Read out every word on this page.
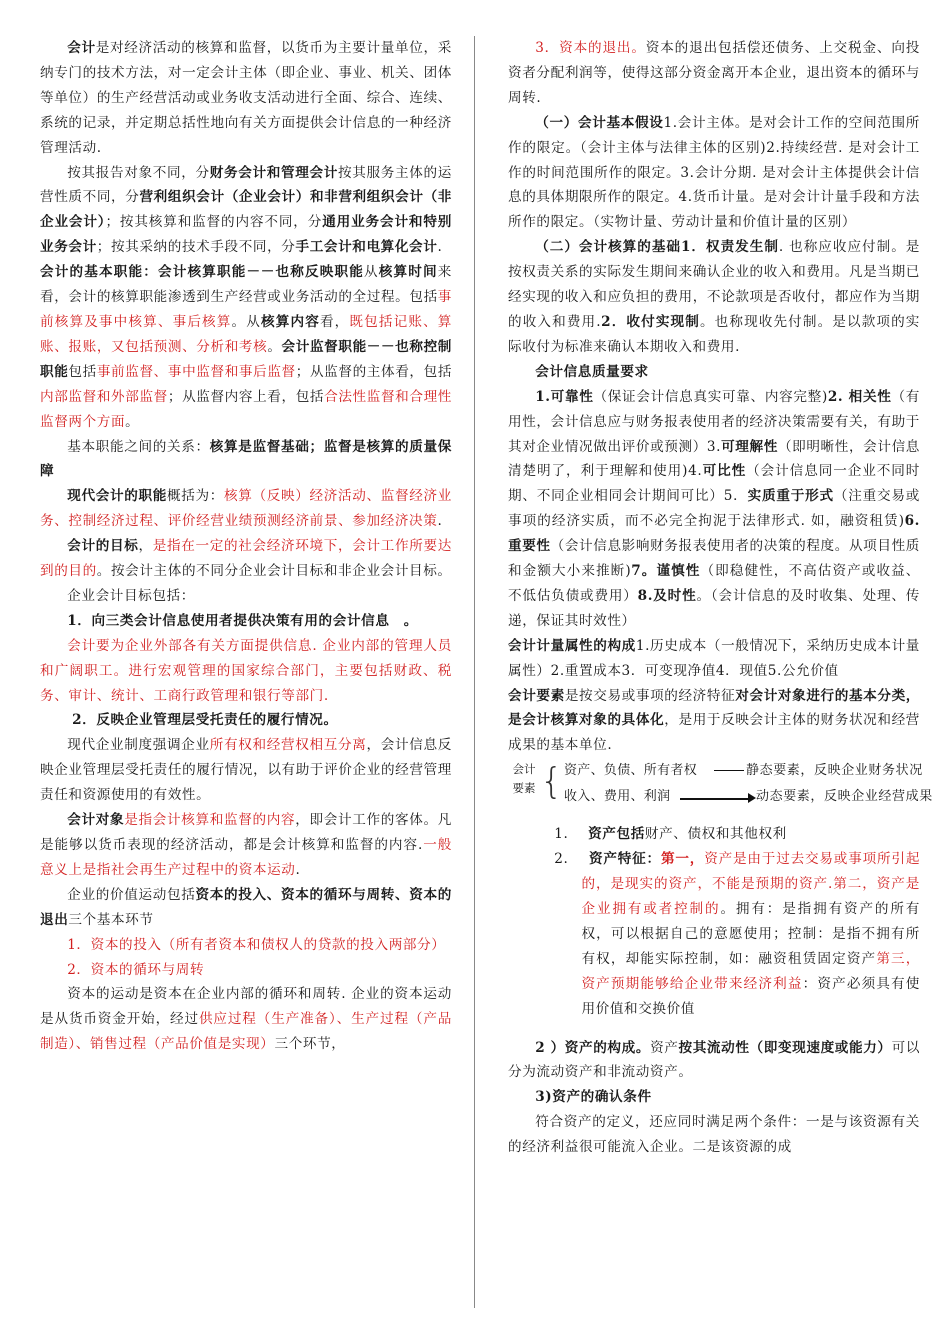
会计是对经济活动的核算和监督，以货币为主要计量单位，采纳专门的技术方法，对一定会计主体（即企业、事业、机关、团体等单位）的生产经营活动或业务收支活动进行全面、综合、连续、系统的记录，并定期总括性地向有关方面提供会计信息的一种经济管理活动.

按其报告对象不同，分财务会计和管理会计按其服务主体的运营性质不同，分营利组织会计（企业会计）和非营利组织会计（非企业会计）；按其核算和监督的内容不同，分通用业务会计和特别业务会计；按其采纳的技术手段不同，分手工会计和电算化会计.

会计的基本职能：会计核算职能－－也称反映职能从核算时间来看，会计的核算职能渗透到生产经营或业务活动的全过程。包括事前核算及事中核算、事后核算。从核算内容看，既包括记账、算账、报账，又包括预测、分析和考核。会计监督职能－－也称控制职能包括事前监督、事中监督和事后监督；从监督的主体看，包括内部监督和外部监督；从监督内容上看，包括合法性监督和合理性监督两个方面。

基本职能之间的关系：核算是监督基础；监督是核算的质量保障

现代会计的职能概括为：核算（反映）经济活动、监督经济业务、控制经济过程、评价经营业绩预测经济前景、参加经济决策.

会计的目标，是指在一定的社会经济环境下，会计工作所要达到的目的。按会计主体的不同分企业会计目标和非企业会计目标。

企业会计目标包括：

1．向三类会计信息使用者提供决策有用的会计信息　。

会计要为企业外部各有关方面提供信息. 企业内部的管理人员和广阔职工。进行宏观管理的国家综合部门，主要包括财政、税务、审计、统计、工商行政管理和银行等部门.

2．反映企业管理层受托责任的履行情况。

现代企业制度强调企业所有权和经营权相互分离，会计信息反映企业管理层受托责任的履行情况，以有助于评价企业的经营管理责任和资源使用的有效性。

会计对象是指会计核算和监督的内容，即会计工作的客体。凡是能够以货币表现的经济活动，都是会计核算和监督的内容.一般意义上是指社会再生产过程中的资本运动.

企业的价值运动包括资本的投入、资本的循环与周转、资本的退出三个基本环节

1．资本的投入（所有者资本和债权人的贷款的投入两部分）

2．资本的循环与周转

资本的运动是资本在企业内部的循环和周转. 企业的资本运动是从货币资金开始，经过供应过程（生产准备）、生产过程（产品制造）、销售过程（产品价值是实现）三个环节，

3．资本的退出。资本的退出包括偿还债务、上交税金、向投资者分配利润等，使得这部分资金离开本企业，退出资本的循环与周转.

（一）会计基本假设1.会计主体。是对会计工作的空间范围所作的限定。（会计主体与法律主体的区别)2.持续经营. 是对会计工作的时间范围所作的限定。3.会计分期. 是对会计主体提供会计信息的具体期限所作的限定。4.货币计量。是对会计计量手段和方法所作的限定。（实物计量、劳动计量和价值计量的区别）

（二）会计核算的基础1．权责发生制. 也称应收应付制。是按权责关系的实际发生期间来确认企业的收入和费用。凡是当期已经实现的收入和应负担的费用，不论款项是否收付，都应作为当期的收入和费用.2．收付实现制。也称现收先付制。是以款项的实际收付为标准来确认本期收入和费用.

会计信息质量要求

1.可靠性（保证会计信息真实可靠、内容完整)2. 相关性（有用性，会计信息应与财务报表使用者的经济决策需要有关，有助于其对企业情况做出评价或预测）3.可理解性（即明晰性，会计信息清楚明了，利于理解和使用)4.可比性（会计信息同一企业不同时期、不同企业相同会计期间可比）5．实质重于形式（注重交易或事项的经济实质，而不必完全拘泥于法律形式. 如，融资租赁)6.重要性（会计信息影响财务报表使用者的决策的程度。从项目性质和金额大小来推断)7。谨慎性（即稳健性，不高估资产或收益、不低估负债或费用）8.及时性。（会计信息的及时收集、处理、传递，保证其时效性）

会计计量属性的构成1.历史成本（一般情况下，采纳历史成本计量属性）2.重置成本3．可变现净值4．现值5.公允价值

会计要素是按交易或事项的经济特征对会计对象进行的基本分类，是会计核算对象的具体化，是用于反映会计主体的财务状况和经营成果的基本单位.

会计要素 { 资产、负债、所有者权	静态要素，反映企业财务状况
收入、费用、利润	动态要素，反映企业经营成果

1. 资产包括财产、债权和其他权利

2. 资产特征：第一，资产是由于过去交易或事项所引起的，是现实的资产，不能是预期的资产.第二，资产是企业拥有或者控制的。拥有：是指拥有资产的所有权，可以根据自己的意愿使用；控制：是指不拥有所有权，却能实际控制，如：融资租赁固定资产第三，资产预期能够给企业带来经济利益：资产必须具有使用价值和交换价值

2 ）资产的构成。资产按其流动性（即变现速度或能力）可以分为流动资产和非流动资产。

3)资产的确认条件

符合资产的定义，还应同时满足两个条件：一是与该资源有关的经济利益很可能流入企业。二是该资源的成
